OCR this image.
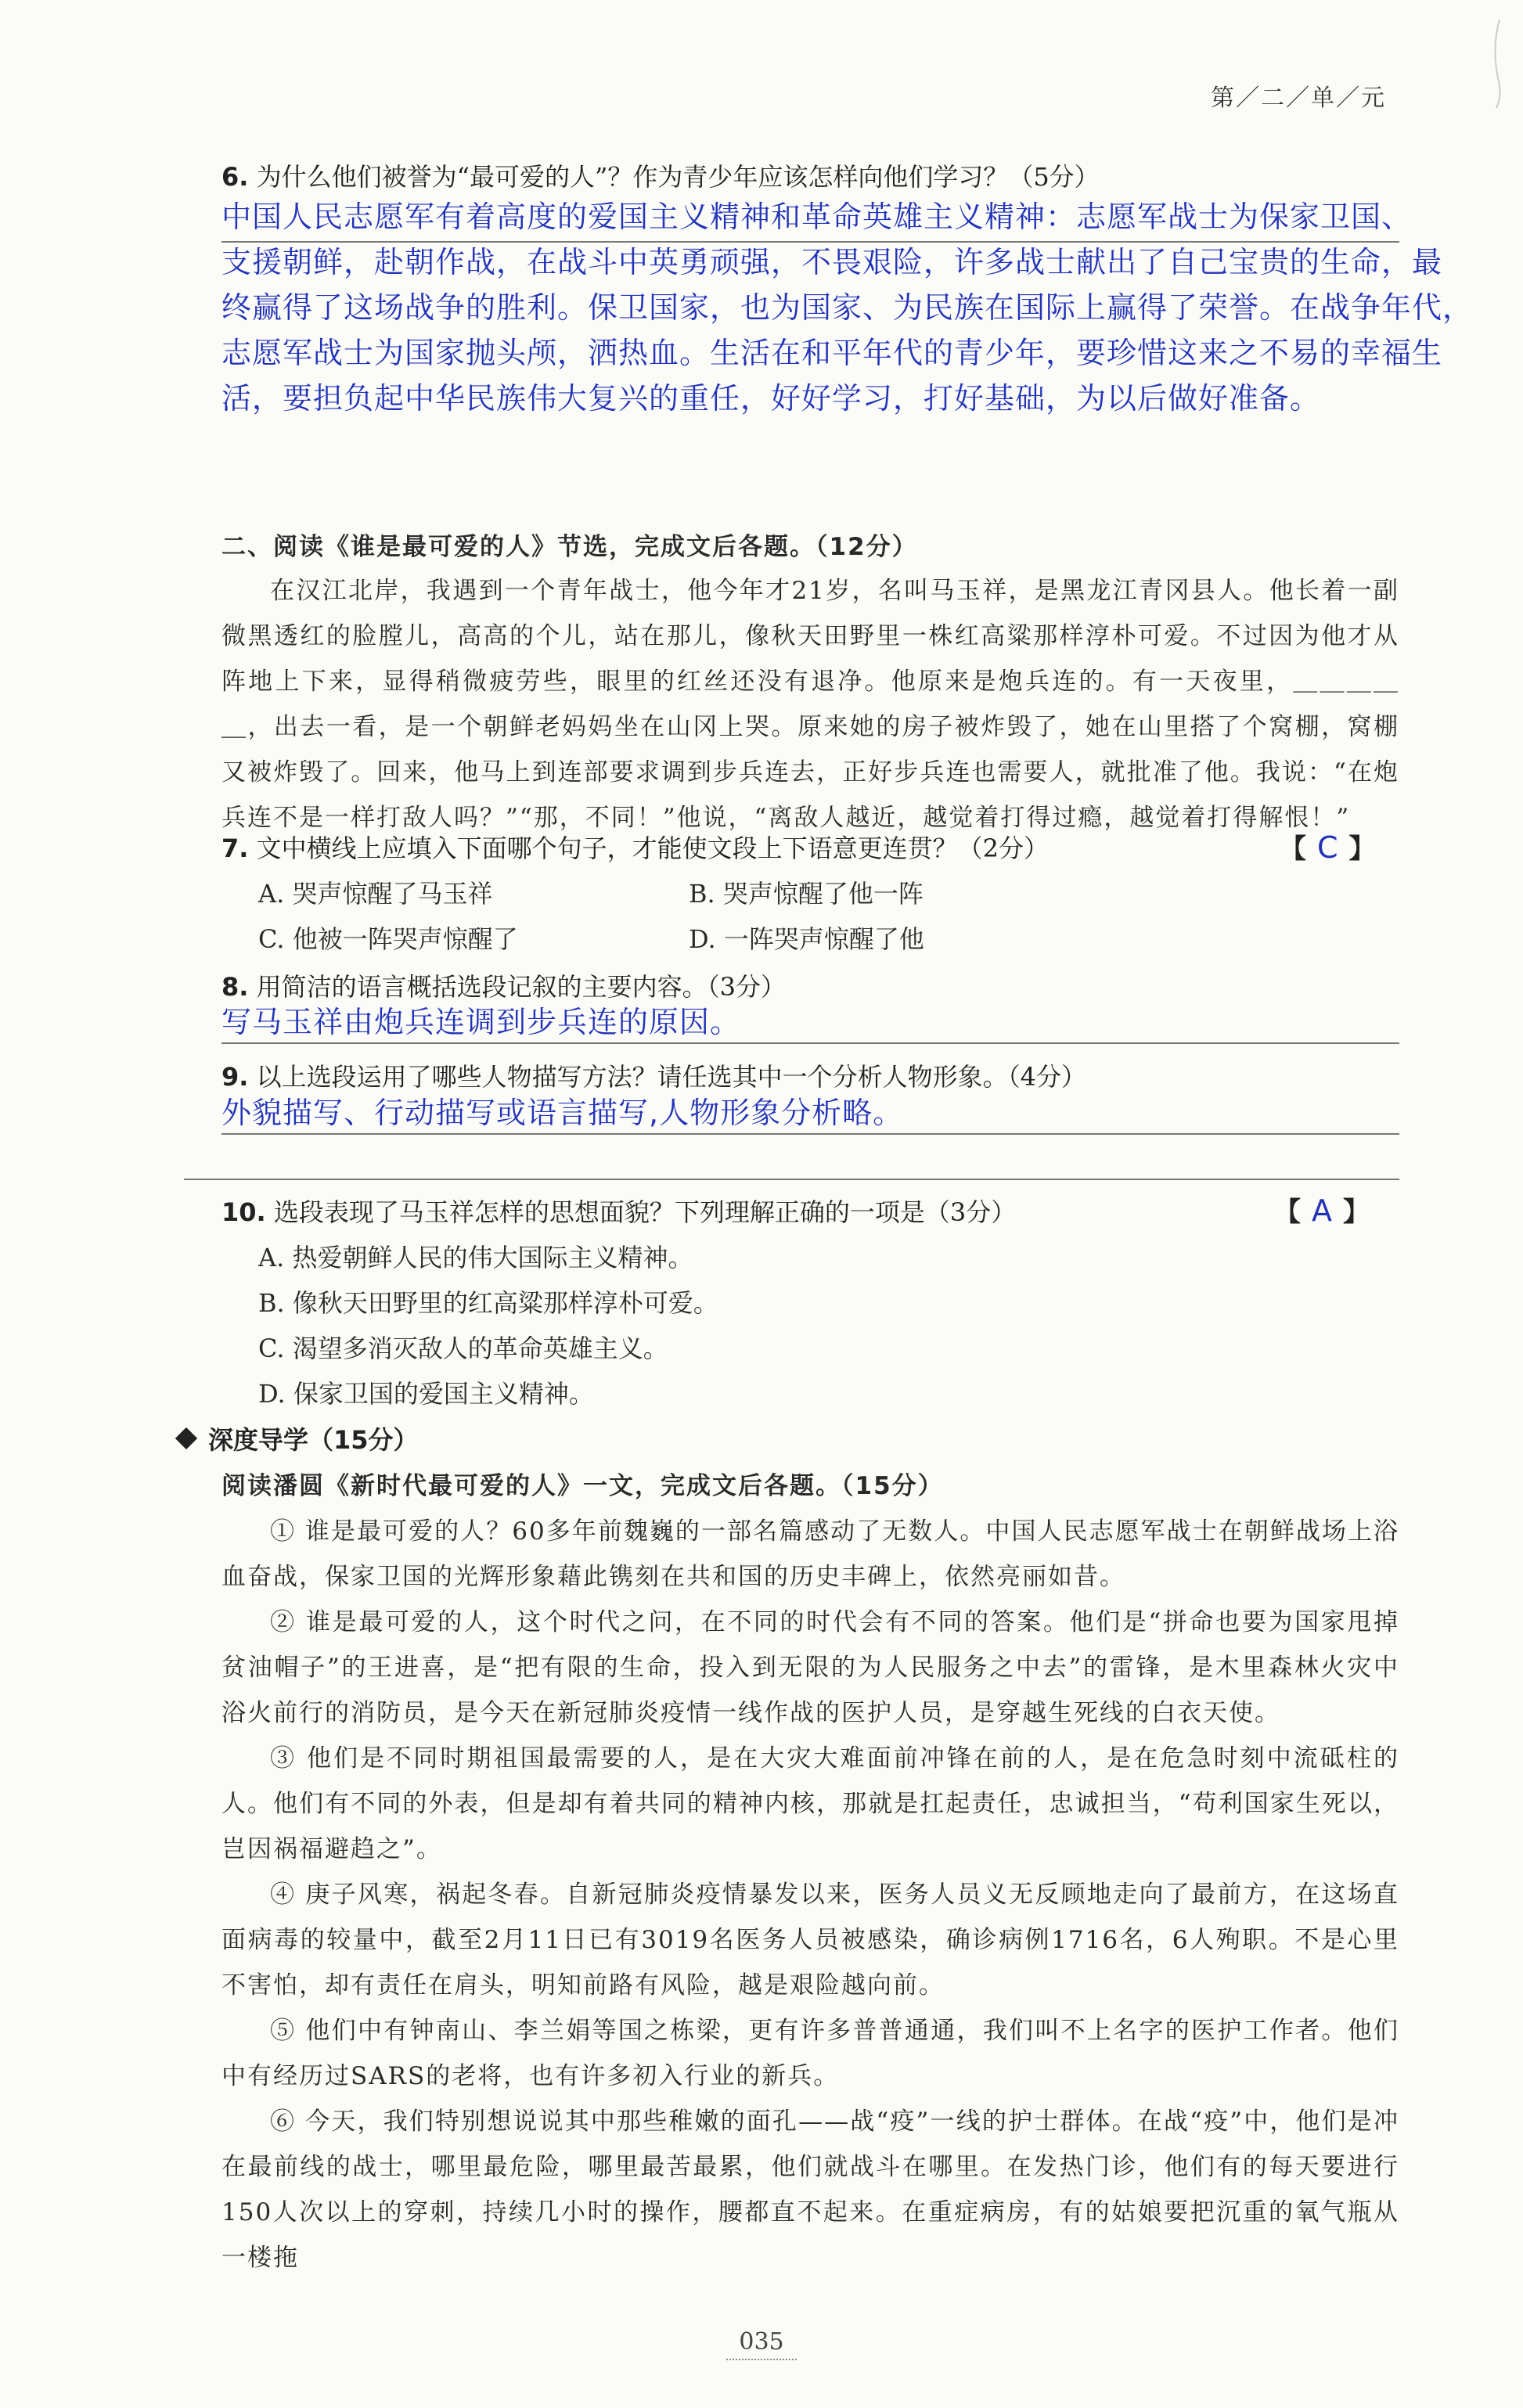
第／二／单／元
6. 为什么他们被誉为“最可爱的人”？作为青少年应该怎样向他们学习？（5分）
中国人民志愿军有着高度的爱国主义精神和革命英雄主义精神：志愿军战士为保家卫国、
支援朝鲜，赴朝作战，在战斗中英勇顽强，不畏艰险，许多战士献出了自己宝贵的生命，最
终赢得了这场战争的胜利。保卫国家，也为国家、为民族在国际上赢得了荣誉。在战争年代，
志愿军战士为国家抛头颅，洒热血。生活在和平年代的青少年，要珍惜这来之不易的幸福生
活，要担负起中华民族伟大复兴的重任，好好学习，打好基础，为以后做好准备。
二、阅读《谁是最可爱的人》节选，完成文后各题。（12分）
在汉江北岸，我遇到一个青年战士，他今年才21岁，名叫马玉祥，是黑龙江青冈县人。他长着一副微黑透红的脸膛儿，高高的个儿，站在那儿，像秋天田野里一株红高粱那样淳朴可爱。不过因为他才从阵地上下来，显得稍微疲劳些，眼里的红丝还没有退净。他原来是炮兵连的。有一天夜里，＿＿＿＿＿，出去一看，是一个朝鲜老妈妈坐在山冈上哭。原来她的房子被炸毁了，她在山里搭了个窝棚，窝棚又被炸毁了。回来，他马上到连部要求调到步兵连去，正好步兵连也需要人，就批准了他。我说：“在炮兵连不是一样打敌人吗？”“那，不同！”他说，“离敌人越近，越觉着打得过瘾，越觉着打得解恨！”
7. 文中横线上应填入下面哪个句子，才能使文段上下语意更连贯？（2分）	【 C 】
A. 哭声惊醒了马玉祥	B. 哭声惊醒了他一阵
C. 他被一阵哭声惊醒了	D. 一阵哭声惊醒了他
8. 用简洁的语言概括选段记叙的主要内容。（3分）
写马玉祥由炮兵连调到步兵连的原因。
9. 以上选段运用了哪些人物描写方法？请任选其中一个分析人物形象。（4分）
外貌描写、行动描写或语言描写,人物形象分析略。
10. 选段表现了马玉祥怎样的思想面貌？下列理解正确的一项是（3分）	【 A 】
A. 热爱朝鲜人民的伟大国际主义精神。
B. 像秋天田野里的红高粱那样淳朴可爱。
C. 渴望多消灭敌人的革命英雄主义。
D. 保家卫国的爱国主义精神。
深度导学（15分）
阅读潘圆《新时代最可爱的人》一文，完成文后各题。（15分）
① 谁是最可爱的人？60多年前魏巍的一部名篇感动了无数人。中国人民志愿军战士在朝鲜战场上浴血奋战，保家卫国的光辉形象藉此镌刻在共和国的历史丰碑上，依然亮丽如昔。
② 谁是最可爱的人，这个时代之问，在不同的时代会有不同的答案。他们是“拼命也要为国家甩掉贫油帽子”的王进喜，是“把有限的生命，投入到无限的为人民服务之中去”的雷锋，是木里森林火灾中浴火前行的消防员，是今天在新冠肺炎疫情一线作战的医护人员，是穿越生死线的白衣天使。
③ 他们是不同时期祖国最需要的人，是在大灾大难面前冲锋在前的人，是在危急时刻中流砥柱的人。他们有不同的外表，但是却有着共同的精神内核，那就是扛起责任，忠诚担当，“苟利国家生死以，岂因祸福避趋之”。
④ 庚子风寒，祸起冬春。自新冠肺炎疫情暴发以来，医务人员义无反顾地走向了最前方，在这场直面病毒的较量中，截至2月11日已有3019名医务人员被感染，确诊病例1716名，6人殉职。不是心里不害怕，却有责任在肩头，明知前路有风险，越是艰险越向前。
⑤ 他们中有钟南山、李兰娟等国之栋梁，更有许多普普通通，我们叫不上名字的医护工作者。他们中有经历过SARS的老将，也有许多初入行业的新兵。
⑥ 今天，我们特别想说说其中那些稚嫩的面孔——战“疫”一线的护士群体。在战“疫”中，他们是冲在最前线的战士，哪里最危险，哪里最苦最累，他们就战斗在哪里。在发热门诊，他们有的每天要进行150人次以上的穿刺，持续几小时的操作，腰都直不起来。在重症病房，有的姑娘要把沉重的氧气瓶从一楼拖
035
